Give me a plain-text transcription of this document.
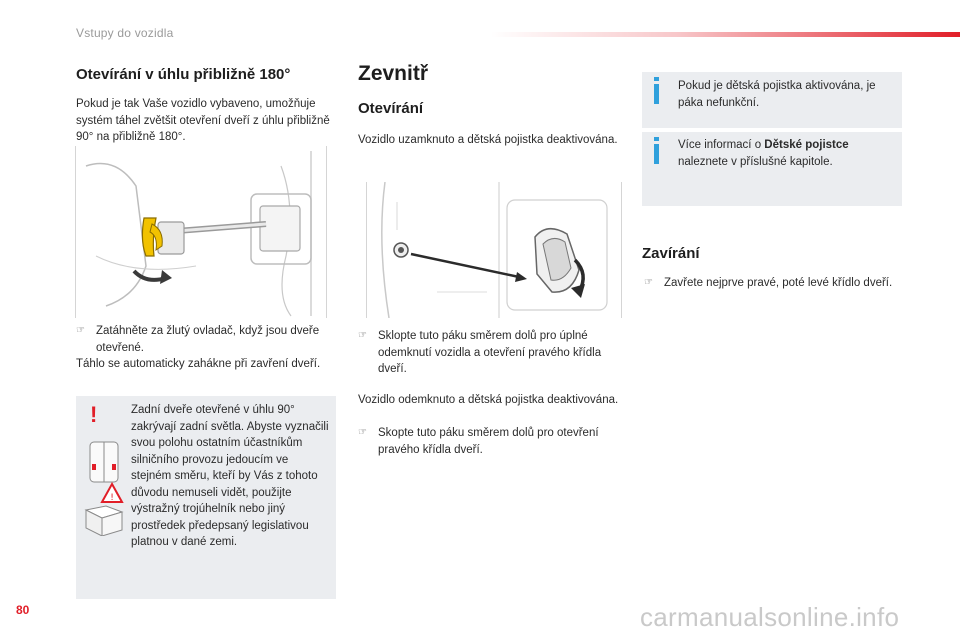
Vstupy do vozidla
Otevírání v úhlu přibližně 180°
Pokud je tak Vaše vozidlo vybaveno, umožňuje systém táhel zvětšit otevření dveří z úhlu přibližně 90° na přibližně 180°.
☞ Zatáhněte za žlutý ovladač, když jsou dveře otevřené.
Táhlo se automaticky zahákne při zavření dveří.
!
!
Zadní dveře otevřené v úhlu 90° zakrývají zadní světla. Abyste vyznačili svou polohu ostatním účastníkům silničního provozu jedoucím ve stejném směru, kteří by Vás z tohoto důvodu nemuseli vidět, použijte výstražný trojúhelník nebo jiný prostředek předepsaný legislativou platnou v dané zemi.
Zevnitř
Otevírání
Vozidlo uzamknuto a dětská pojistka deaktivována.
☞ Sklopte tuto páku směrem dolů pro úplné odemknutí vozidla a otevření pravého křídla dveří.
Vozidlo odemknuto a dětská pojistka deaktivována.
☞ Skopte tuto páku směrem dolů pro otevření pravého křídla dveří.
Pokud je dětská pojistka aktivována, je páka nefunkční.
Více informací o Dětské pojistce naleznete v příslušné kapitole.
Zavírání
☞ Zavřete nejprve pravé, poté levé křídlo dveří.
80	carmanualsonline.info
